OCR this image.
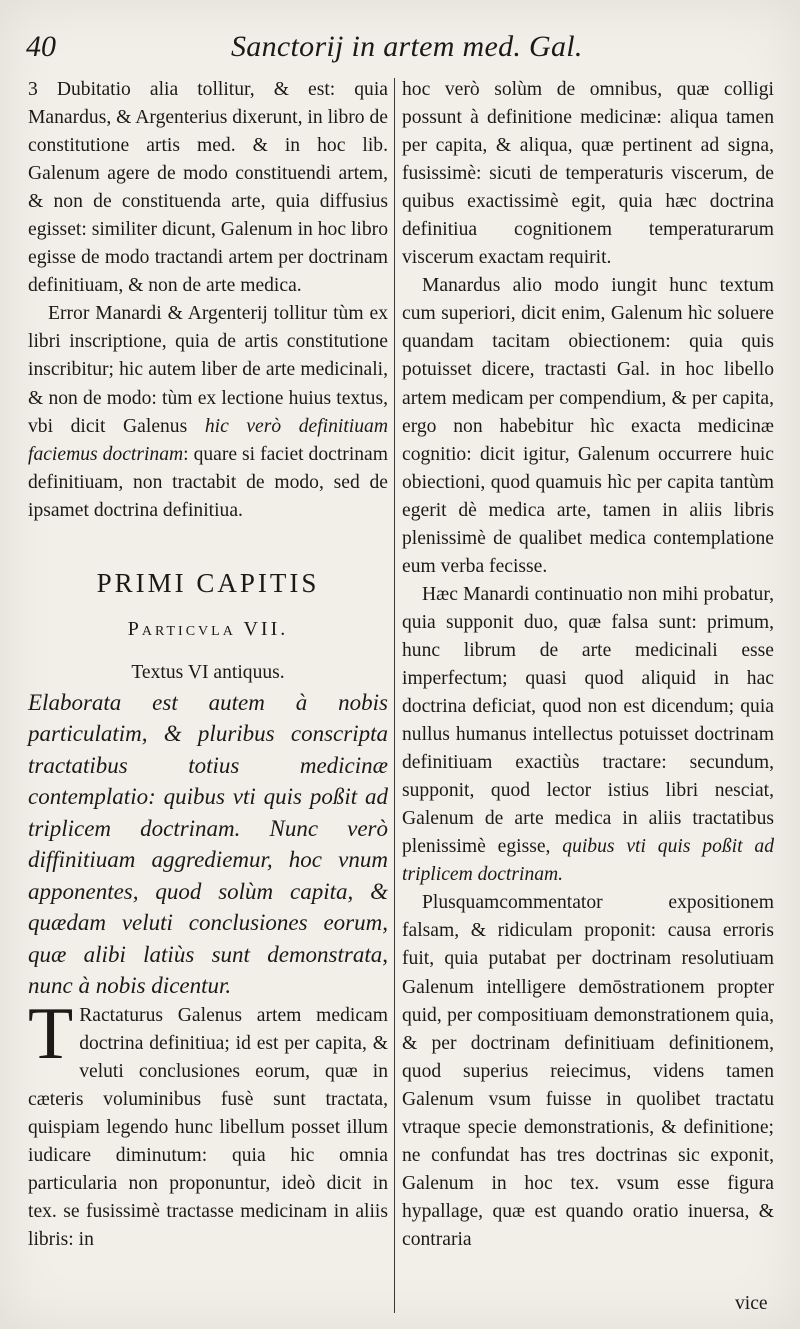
40	Sanctorij in artem med. Gal.

3 Dubitatio alia tollitur, & est: quia Manardus, & Argenterius dixerunt, in libro de constitutione artis med. & in hoc lib. Galenum agere de modo constituendi artem, & non de constituenda arte, quia diffusius egisset: similiter dicunt, Galenum in hoc libro egisse de modo tractandi artem per doctrinam definitiuam, & non de arte medica.

Error Manardi & Argenterij tollitur tùm ex libri inscriptione, quia de artis constitutione inscribitur; hic autem liber de arte medicinali, & non de modo: tùm ex lectione huius textus, vbi dicit Galenus hic verò definitiuam faciemus doctrinam: quare si faciet doctrinam definitiuam, non tractabit de modo, sed de ipsamet doctrina definitiua.

PRIMI CAPITIS
Particvla VII.
Textus VI antiquus.

Elaborata est autem à nobis particulatim, & pluribus conscripta tractatibus totius medicinæ contemplatio: quibus vti quis poßit ad triplicem doctrinam. Nunc verò diffinitiuam aggrediemur, hoc vnum apponentes, quod solùm capita, & quædam veluti conclusiones eorum, quæ alibi latiùs sunt demonstrata, nunc à nobis dicentur.

T Ractaturus Galenus artem medicam doctrina definitiua; id est per capita, & veluti conclusiones eorum, quæ in cæteris voluminibus fusè sunt tractata, quispiam legendo hunc libellum posset illum iudicare diminutum: quia hic omnia particularia non proponuntur, ideò dicit in tex. se fusissimè tractasse medicinam in aliis libris: in

hoc verò solùm de omnibus, quæ colligi possunt à definitione medicinæ: aliqua tamen per capita, & aliqua, quæ pertinent ad signa, fusissimè: sicuti de temperaturis viscerum, de quibus exactissimè egit, quia hæc doctrina definitiua cognitionem temperaturarum viscerum exactam requirit.

Manardus alio modo iungit hunc textum cum superiori, dicit enim, Galenum hìc soluere quandam tacitam obiectionem: quia quis potuisset dicere, tractasti Gal. in hoc libello artem medicam per compendium, & per capita, ergo non habebitur hìc exacta medicinæ cognitio: dicit igitur, Galenum occurrere huic obiectioni, quod quamuis hìc per capita tantùm egerit dè medica arte, tamen in aliis libris plenissimè de qualibet medica contemplatione eum verba fecisse.

Hæc Manardi continuatio non mihi probatur, quia supponit duo, quæ falsa sunt: primum, hunc librum de arte medicinali esse imperfectum; quasi quod aliquid in hac doctrina deficiat, quod non est dicendum; quia nullus humanus intellectus potuisset doctrinam definitiuam exactiùs tractare: secundum, supponit, quod lector istius libri nesciat, Galenum de arte medica in aliis tractatibus plenissimè egisse, quibus vti quis poßit ad triplicem doctrinam.

Plusquamcommentator expositionem falsam, & ridiculam proponit: causa erroris fuit, quia putabat per doctrinam resolutiuam Galenum intelligere demōstrationem propter quid, per compositiuam demonstrationem quia, & per doctrinam definitiuam definitionem, quod superius reiecimus, videns tamen Galenum vsum fuisse in quolibet tractatu vtraque specie demonstrationis, & definitione; ne confundat has tres doctrinas sic exponit, Galenum in hoc tex. vsum esse figura hypallage, quæ est quando oratio inuersa, & contraria

vice
